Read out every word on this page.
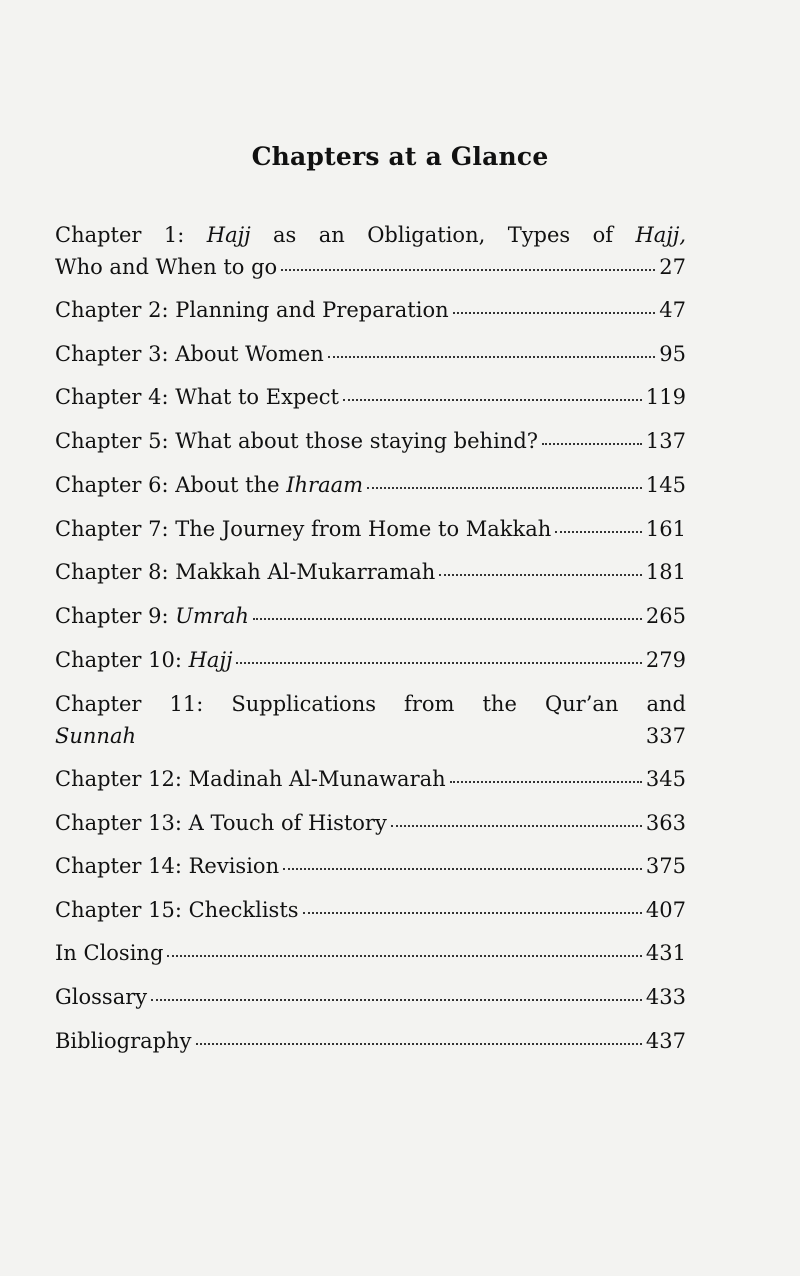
Chapters at a Glance
Chapter 1: Hajj as an Obligation, Types of Hajj,
Who and When to go	27
Chapter 2: Planning and Preparation	47
Chapter 3: About Women	95
Chapter 4: What to Expect	119
Chapter 5: What about those staying behind?	137
Chapter 6: About the Ihraam	145
Chapter 7: The Journey from Home to Makkah	161
Chapter 8: Makkah Al-Mukarramah	181
Chapter 9: Umrah	265
Chapter 10: Hajj	279
Chapter 11: Supplications from the Qur’an and
Sunnah	337
Chapter 12: Madinah Al-Munawarah	345
Chapter 13: A Touch of History	363
Chapter 14: Revision	375
Chapter 15: Checklists	407
In Closing	431
Glossary	433
Bibliography	437
